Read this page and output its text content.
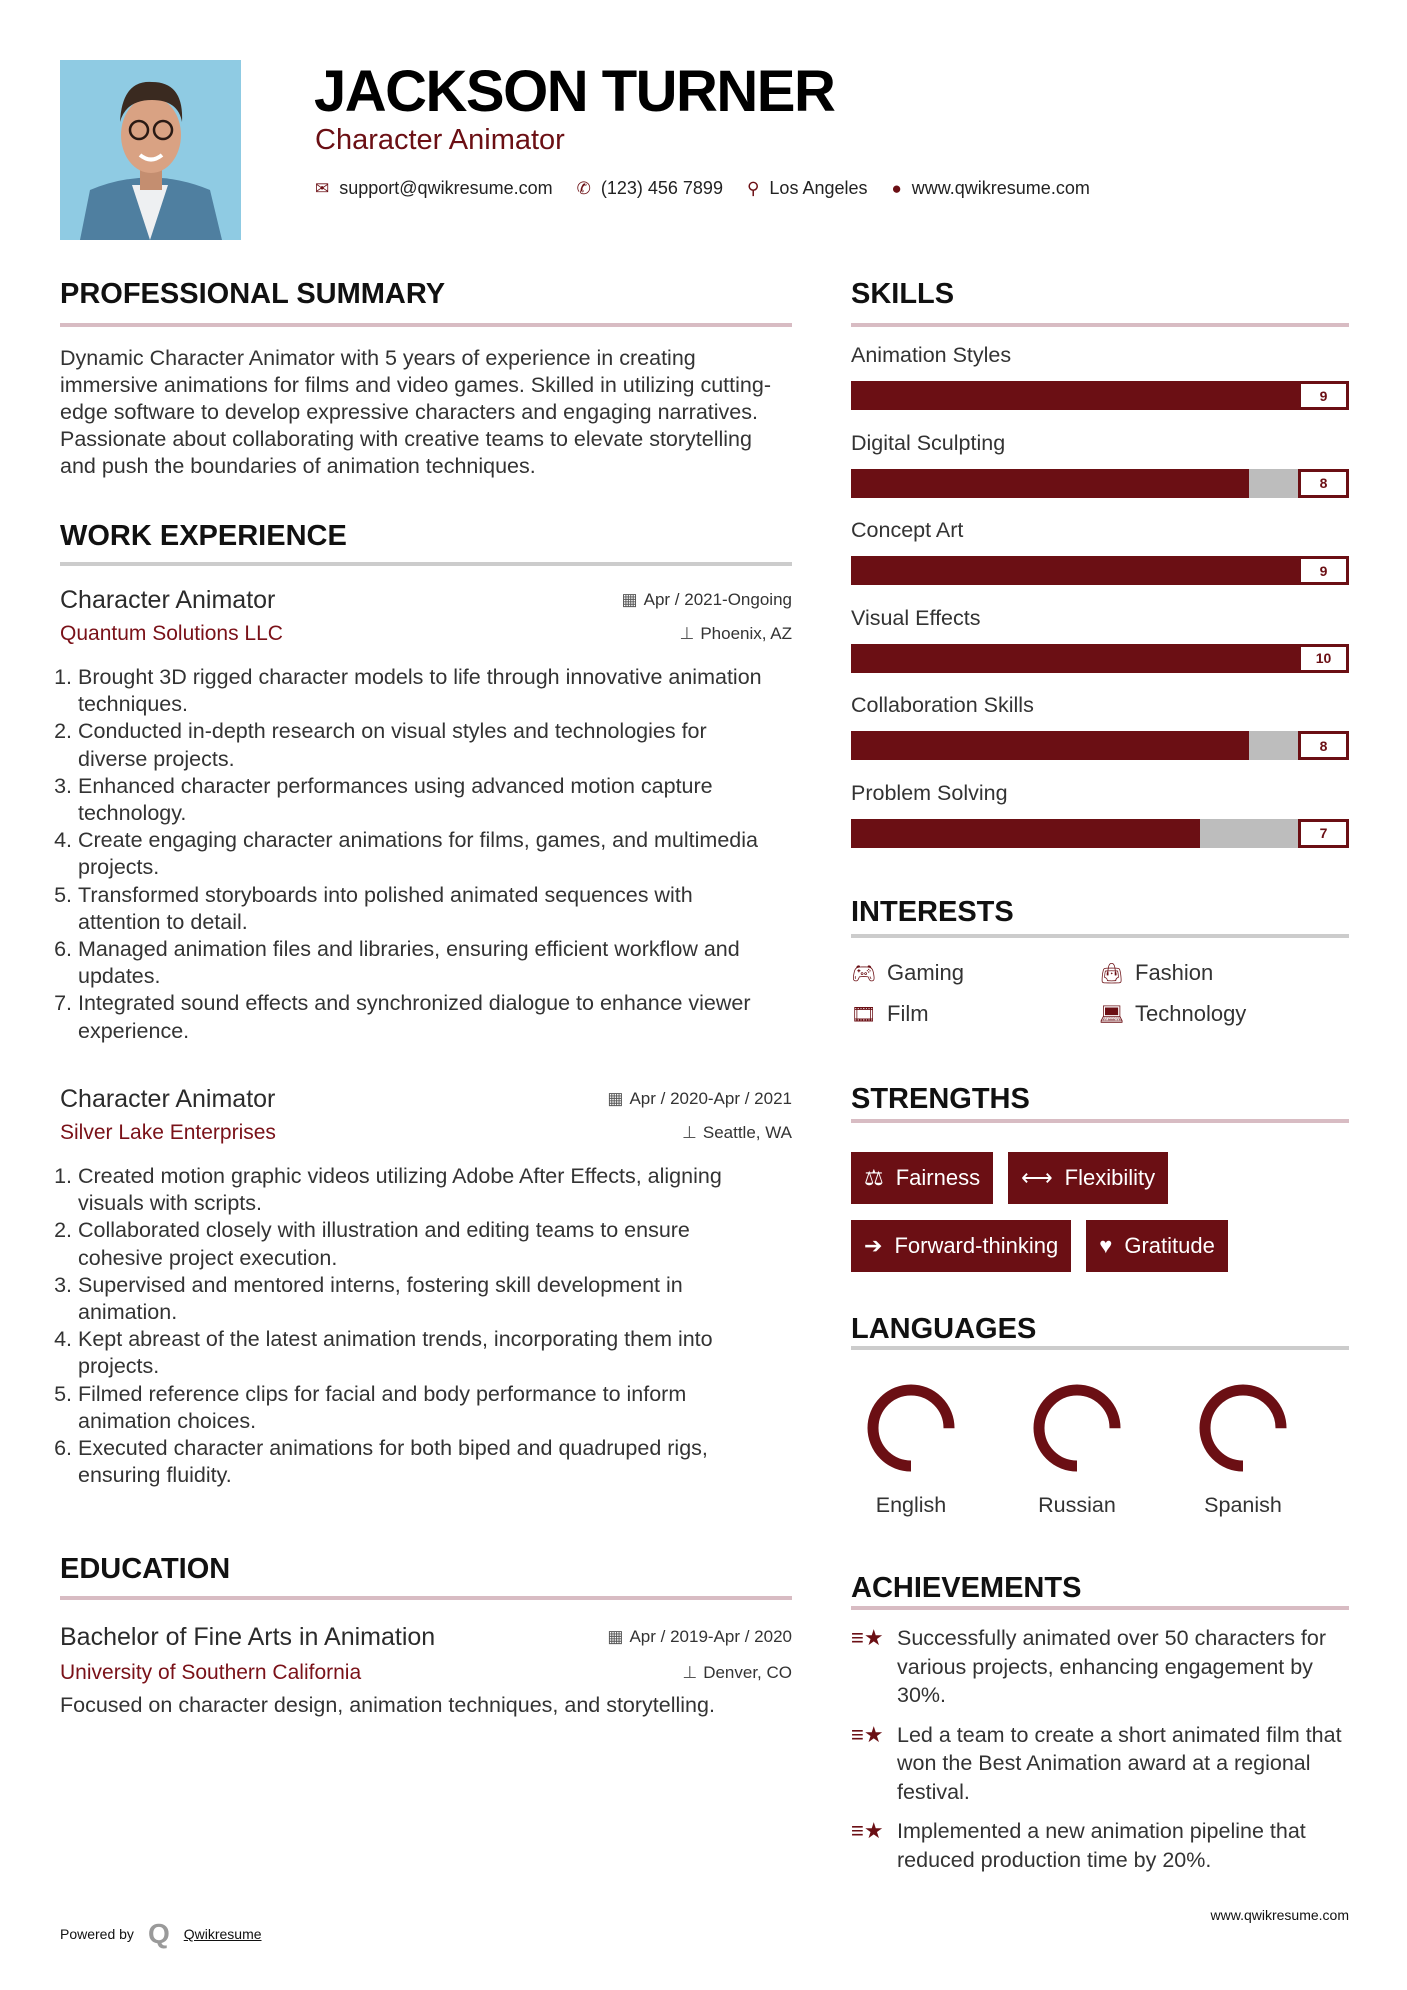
JACKSON TURNER
Character Animator
✉ support@qwikresume.com ✆ (123) 456 7899 ⚲ Los Angeles ● www.qwikresume.com
PROFESSIONAL SUMMARY
Dynamic Character Animator with 5 years of experience in creating immersive animations for films and video games. Skilled in utilizing cutting-edge software to develop expressive characters and engaging narratives. Passionate about collaborating with creative teams to elevate storytelling and push the boundaries of animation techniques.
WORK EXPERIENCE
Character Animator	▦ Apr / 2021-Ongoing
Quantum Solutions LLC	⊥ Phoenix, AZ
1. Brought 3D rigged character models to life through innovative animation techniques.
2. Conducted in-depth research on visual styles and technologies for diverse projects.
3. Enhanced character performances using advanced motion capture technology.
4. Create engaging character animations for films, games, and multimedia projects.
5. Transformed storyboards into polished animated sequences with attention to detail.
6. Managed animation files and libraries, ensuring efficient workflow and updates.
7. Integrated sound effects and synchronized dialogue to enhance viewer experience.
Character Animator	▦ Apr / 2020-Apr / 2021
Silver Lake Enterprises	⊥ Seattle, WA
1. Created motion graphic videos utilizing Adobe After Effects, aligning visuals with scripts.
2. Collaborated closely with illustration and editing teams to ensure cohesive project execution.
3. Supervised and mentored interns, fostering skill development in animation.
4. Kept abreast of the latest animation trends, incorporating them into projects.
5. Filmed reference clips for facial and body performance to inform animation choices.
6. Executed character animations for both biped and quadruped rigs, ensuring fluidity.
EDUCATION
Bachelor of Fine Arts in Animation	▦ Apr / 2019-Apr / 2020
University of Southern California	⊥ Denver, CO
Focused on character design, animation techniques, and storytelling.
SKILLS
Animation Styles
9
Digital Sculpting
8
Concept Art
9
Visual Effects
10
Collaboration Skills
8
Problem Solving
7
INTERESTS
🎮︎ Gaming	👜︎ Fashion
🎞︎ Film	💻︎ Technology
STRENGTHS
⚖ Fairness ⟷ Flexibility
➔ Forward-thinking ♥ Gratitude
LANGUAGES
English	Russian	Spanish
ACHIEVEMENTS
≡★ Successfully animated over 50 characters for various projects, enhancing engagement by 30%.
≡★ Led a team to create a short animated film that won the Best Animation award at a regional festival.
≡★ Implemented a new animation pipeline that reduced production time by 20%.
Powered by Q Qwikresume
www.qwikresume.com
